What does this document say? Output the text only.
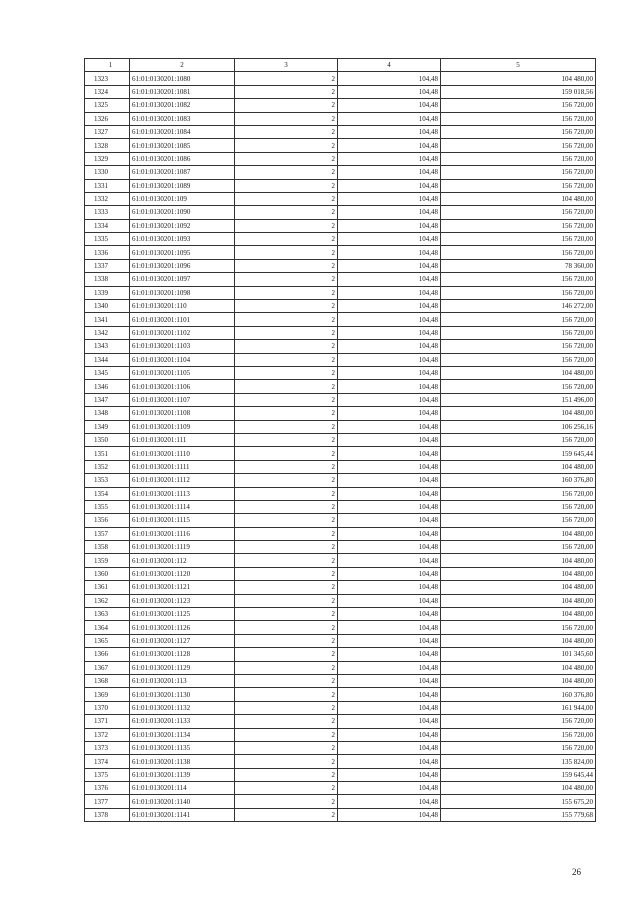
1	2	3	4	5
1323	61:01:0130201:1080	2	104,48	104 480,00
1324	61:01:0130201:1081	2	104,48	159 018,56
1325	61:01:0130201:1082	2	104,48	156 720,00
1326	61:01:0130201:1083	2	104,48	156 720,00
1327	61:01:0130201:1084	2	104,48	156 720,00
1328	61:01:0130201:1085	2	104,48	156 720,00
1329	61:01:0130201:1086	2	104,48	156 720,00
1330	61:01:0130201:1087	2	104,48	156 720,00
1331	61:01:0130201:1089	2	104,48	156 720,00
1332	61:01:0130201:109	2	104,48	104 480,00
1333	61:01:0130201:1090	2	104,48	156 720,00
1334	61:01:0130201:1092	2	104,48	156 720,00
1335	61:01:0130201:1093	2	104,48	156 720,00
1336	61:01:0130201:1095	2	104,48	156 720,00
1337	61:01:0130201:1096	2	104,48	78 360,00
1338	61:01:0130201:1097	2	104,48	156 720,00
1339	61:01:0130201:1098	2	104,48	156 720,00
1340	61:01:0130201:110	2	104,48	146 272,00
1341	61:01:0130201:1101	2	104,48	156 720,00
1342	61:01:0130201:1102	2	104,48	156 720,00
1343	61:01:0130201:1103	2	104,48	156 720,00
1344	61:01:0130201:1104	2	104,48	156 720,00
1345	61:01:0130201:1105	2	104,48	104 480,00
1346	61:01:0130201:1106	2	104,48	156 720,00
1347	61:01:0130201:1107	2	104,48	151 496,00
1348	61:01:0130201:1108	2	104,48	104 480,00
1349	61:01:0130201:1109	2	104,48	106 256,16
1350	61:01:0130201:111	2	104,48	156 720,00
1351	61:01:0130201:1110	2	104,48	159 645,44
1352	61:01:0130201:1111	2	104,48	104 480,00
1353	61:01:0130201:1112	2	104,48	160 376,80
1354	61:01:0130201:1113	2	104,48	156 720,00
1355	61:01:0130201:1114	2	104,48	156 720,00
1356	61:01:0130201:1115	2	104,48	156 720,00
1357	61:01:0130201:1116	2	104,48	104 480,00
1358	61:01:0130201:1119	2	104,48	156 720,00
1359	61:01:0130201:112	2	104,48	104 480,00
1360	61:01:0130201:1120	2	104,48	104 480,00
1361	61:01:0130201:1121	2	104,48	104 480,00
1362	61:01:0130201:1123	2	104,48	104 480,00
1363	61:01:0130201:1125	2	104,48	104 480,00
1364	61:01:0130201:1126	2	104,48	156 720,00
1365	61:01:0130201:1127	2	104,48	104 480,00
1366	61:01:0130201:1128	2	104,48	101 345,60
1367	61:01:0130201:1129	2	104,48	104 480,00
1368	61:01:0130201:113	2	104,48	104 480,00
1369	61:01:0130201:1130	2	104,48	160 376,80
1370	61:01:0130201:1132	2	104,48	161 944,00
1371	61:01:0130201:1133	2	104,48	156 720,00
1372	61:01:0130201:1134	2	104,48	156 720,00
1373	61:01:0130201:1135	2	104,48	156 720,00
1374	61:01:0130201:1138	2	104,48	135 824,00
1375	61:01:0130201:1139	2	104,48	159 645,44
1376	61:01:0130201:114	2	104,48	104 480,00
1377	61:01:0130201:1140	2	104,48	155 675,20
1378	61:01:0130201:1141	2	104,48	155 779,68
26
